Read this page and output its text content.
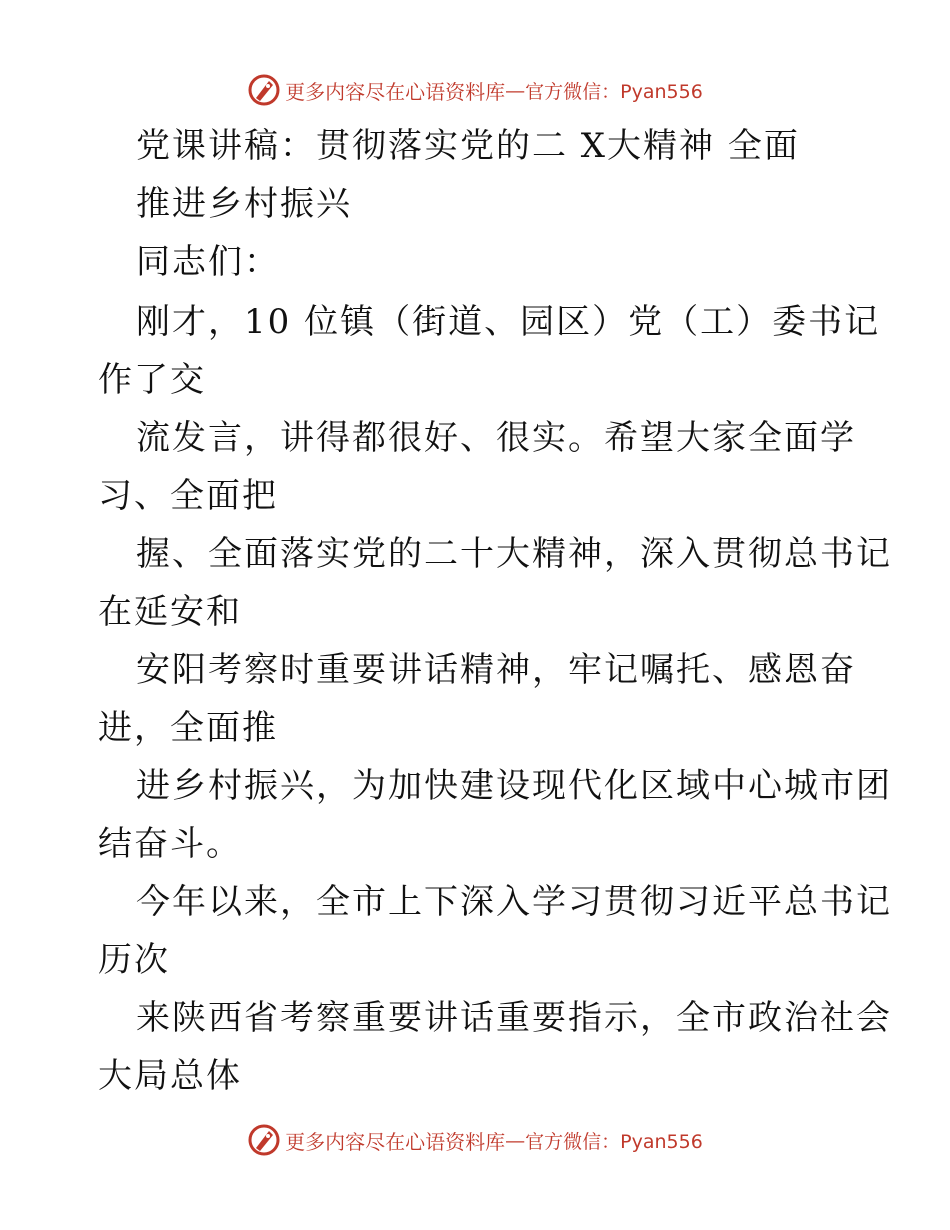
更多内容尽在心语资料库 — 官方微信：Pyan556
党课讲稿：贯彻落实党的二 X大精神 全面
推进乡村振兴
同志们：
刚才，10 位镇（街道、园区）党（工）委书记
作了交
流发言，讲得都很好、很实。希望大家全面学
习、全面把
握、全面落实党的二十大精神，深入贯彻总书记
在延安和
安阳考察时重要讲话精神，牢记嘱托、感恩奋
进，全面推
进乡村振兴，为加快建设现代化区域中心城市团
结奋斗。
今年以来，全市上下深入学习贯彻习近平总书记
历次
来陕西省考察重要讲话重要指示，全市政治社会
大局总体
更多内容尽在心语资料库 — 官方微信：Pyan556
